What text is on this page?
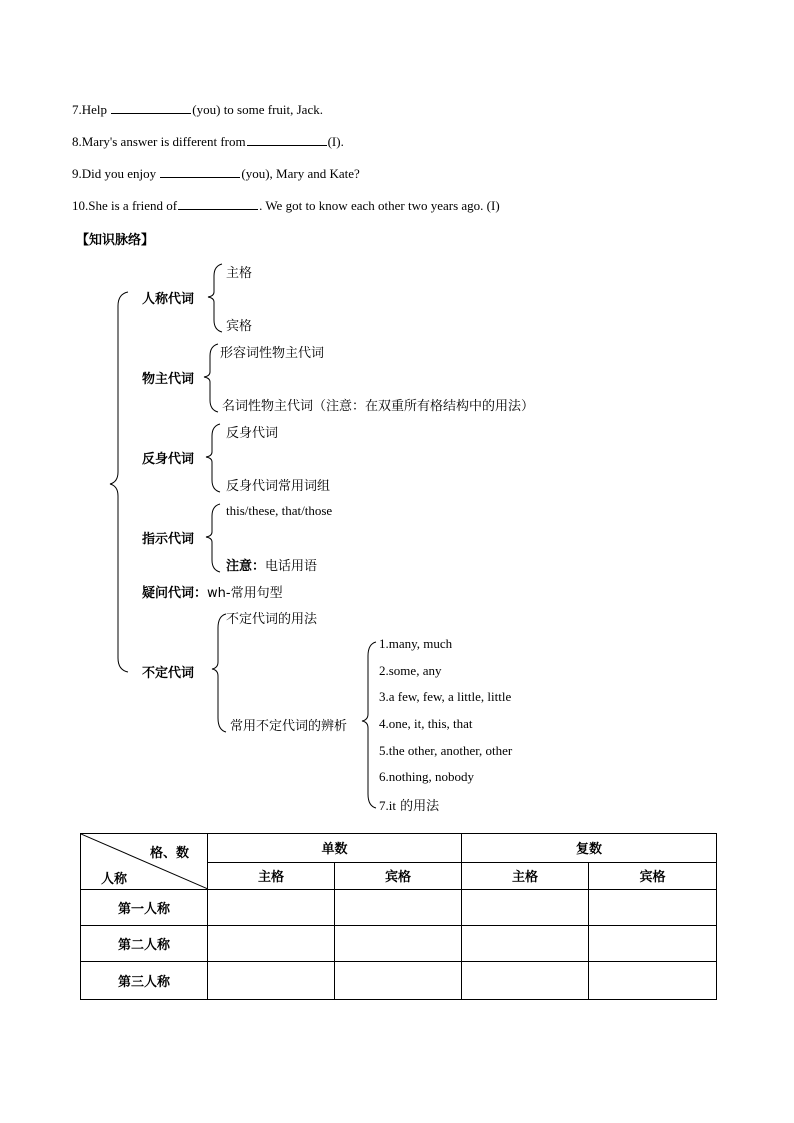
7.Help	(you) to some fruit, Jack.
8.Mary's answer is different from	(I).
9.Did you enjoy	(you), Mary and Kate?
10.She is a friend of	. We got to know each other two years ago. (I)
【知识脉络】
人称代词
主格
宾格
物主代词
形容词性物主代词
名词性物主代词（注意：在双重所有格结构中的用法）
反身代词
反身代词
反身代词常用词组
指示代词
this/these, that/those
注意：电话用语
疑问代词：wh-常用句型
不定代词
不定代词的用法
常用不定代词的辨析
1.many, much
2.some, any
3.a few, few, a little, little
4.one, it, this, that
5.the other, another, other
6.nothing, nobody
7.it 的用法
格、数
人称	单数		复数	
	主格	宾格	主格	宾格
第一人称				
第二人称				
第三人称				
